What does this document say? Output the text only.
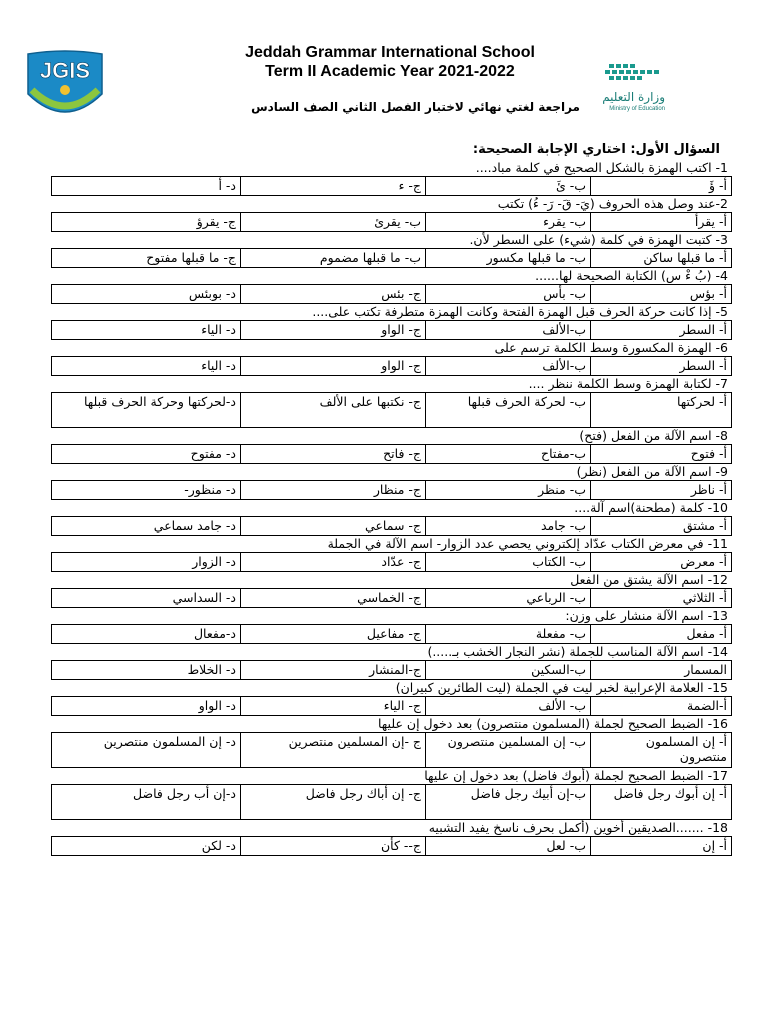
JGIS
Jeddah Grammar International School
Term II Academic Year 2021-2022
مراجعة لغتي نهائي لاختبار الفصل الثاني الصف السادس
وزارة التعليم
Ministry of Education
السؤال الأول: اختاري الإجابة الصحيحة:
1- اكتب الهمزة بالشكل الصحيح في كلمة مباد....
أ- ؤَ	ب- ئَ	ج- ء	د- أ
2-عند وصل هذه الحروف (يَ- قَ- رَ- ءُ) تكتب
أ- يقرأ	ب- يقرء	ب- يقرئ	ج- يقرؤ
3- كتبت الهمزة في كلمة (شيء) على السطر لأن.
أ- ما قبلها ساكن	ب- ما قبلها مكسور	ب- ما قبلها مضموم	ج- ما قبلها مفتوح
4- (بُ ءْ س) الكتابة الصحيحة لها......
أ- بؤس	ب- بأس	ج- بئس	د- بوبئس
5- إذا كانت حركة الحرف قبل الهمزة الفتحة وكانت الهمزة متطرفة تكتب على....
أ- السطر	ب-الألف	ج- الواو	د- الياء
6- الهمزة المكسورة وسط الكلمة ترسم على
أ- السطر	ب-الألف	ج- الواو	د- الياء
7- لكتابة الهمزة وسط الكلمة ننظر ....
أ- لحركتها	ب- لحركة الحرف قبلها	ج- نكتبها على الألف	د-لحركتها وحركة الحرف قبلها
8- اسم الآلة من الفعل (فتح)
أ- فتوح	ب-مفتاح	ج- فاتح	د- مفتوح
9- اسم الآلة من الفعل (نظر)
أ- ناظر	ب- منظر	ج- منظار	د- منظور-
10- كلمة (مطحنة)اسم آلة....
أ- مشتق	ب- جامد	ج- سماعي	د- جامد سماعي
11- في معرض الكتاب عدّاد إلكتروني يحصي عدد الزوار- اسم الآلة في الجملة
أ- معرض	ب- الكتاب	ج- عدّاد	د- الزوار
12- اسم الآلة يشتق من الفعل
أ- الثلاثي	ب- الرباعي	ج- الخماسي	د- السداسي
13- اسم الآلة منشار على وزن:
أ- مفعل	ب- مفعلة	ج- مفاعيل	د-مفعال
14- اسم الآلة المناسب للجملة (نشر النجار الخشب بـ.....)
المسمار	ب-السكين	ج-المنشار	د- الخلاط
15- العلامة الإعرابية لخبر ليت في الجملة (ليت الطائرين كبيران)
أ-الضمة	ب- الألف	ج- الياء	د- الواو
16- الضبط الصحيح لجملة (المسلمون منتصرون) بعد دخول إن عليها
أ- إن المسلمون منتصرون	ب- إن المسلمين منتصرون	ج -إن المسلمين منتصرين	د- إن المسلمون منتصرين
17- الضبط الصحيح لجملة (أبوك فاضل) بعد دخول إن عليها
أ- إن أبوك رجل فاضل	ب-إن أبيك رجل فاضل	ج- إن أباك رجل فاضل	د-إن أب رجل فاضل
18- .......الصديقين أخوين (أكمل بحرف ناسخ يفيد التشبيه
أ- إن	ب- لعل	ج-- كأن	د- لكن
